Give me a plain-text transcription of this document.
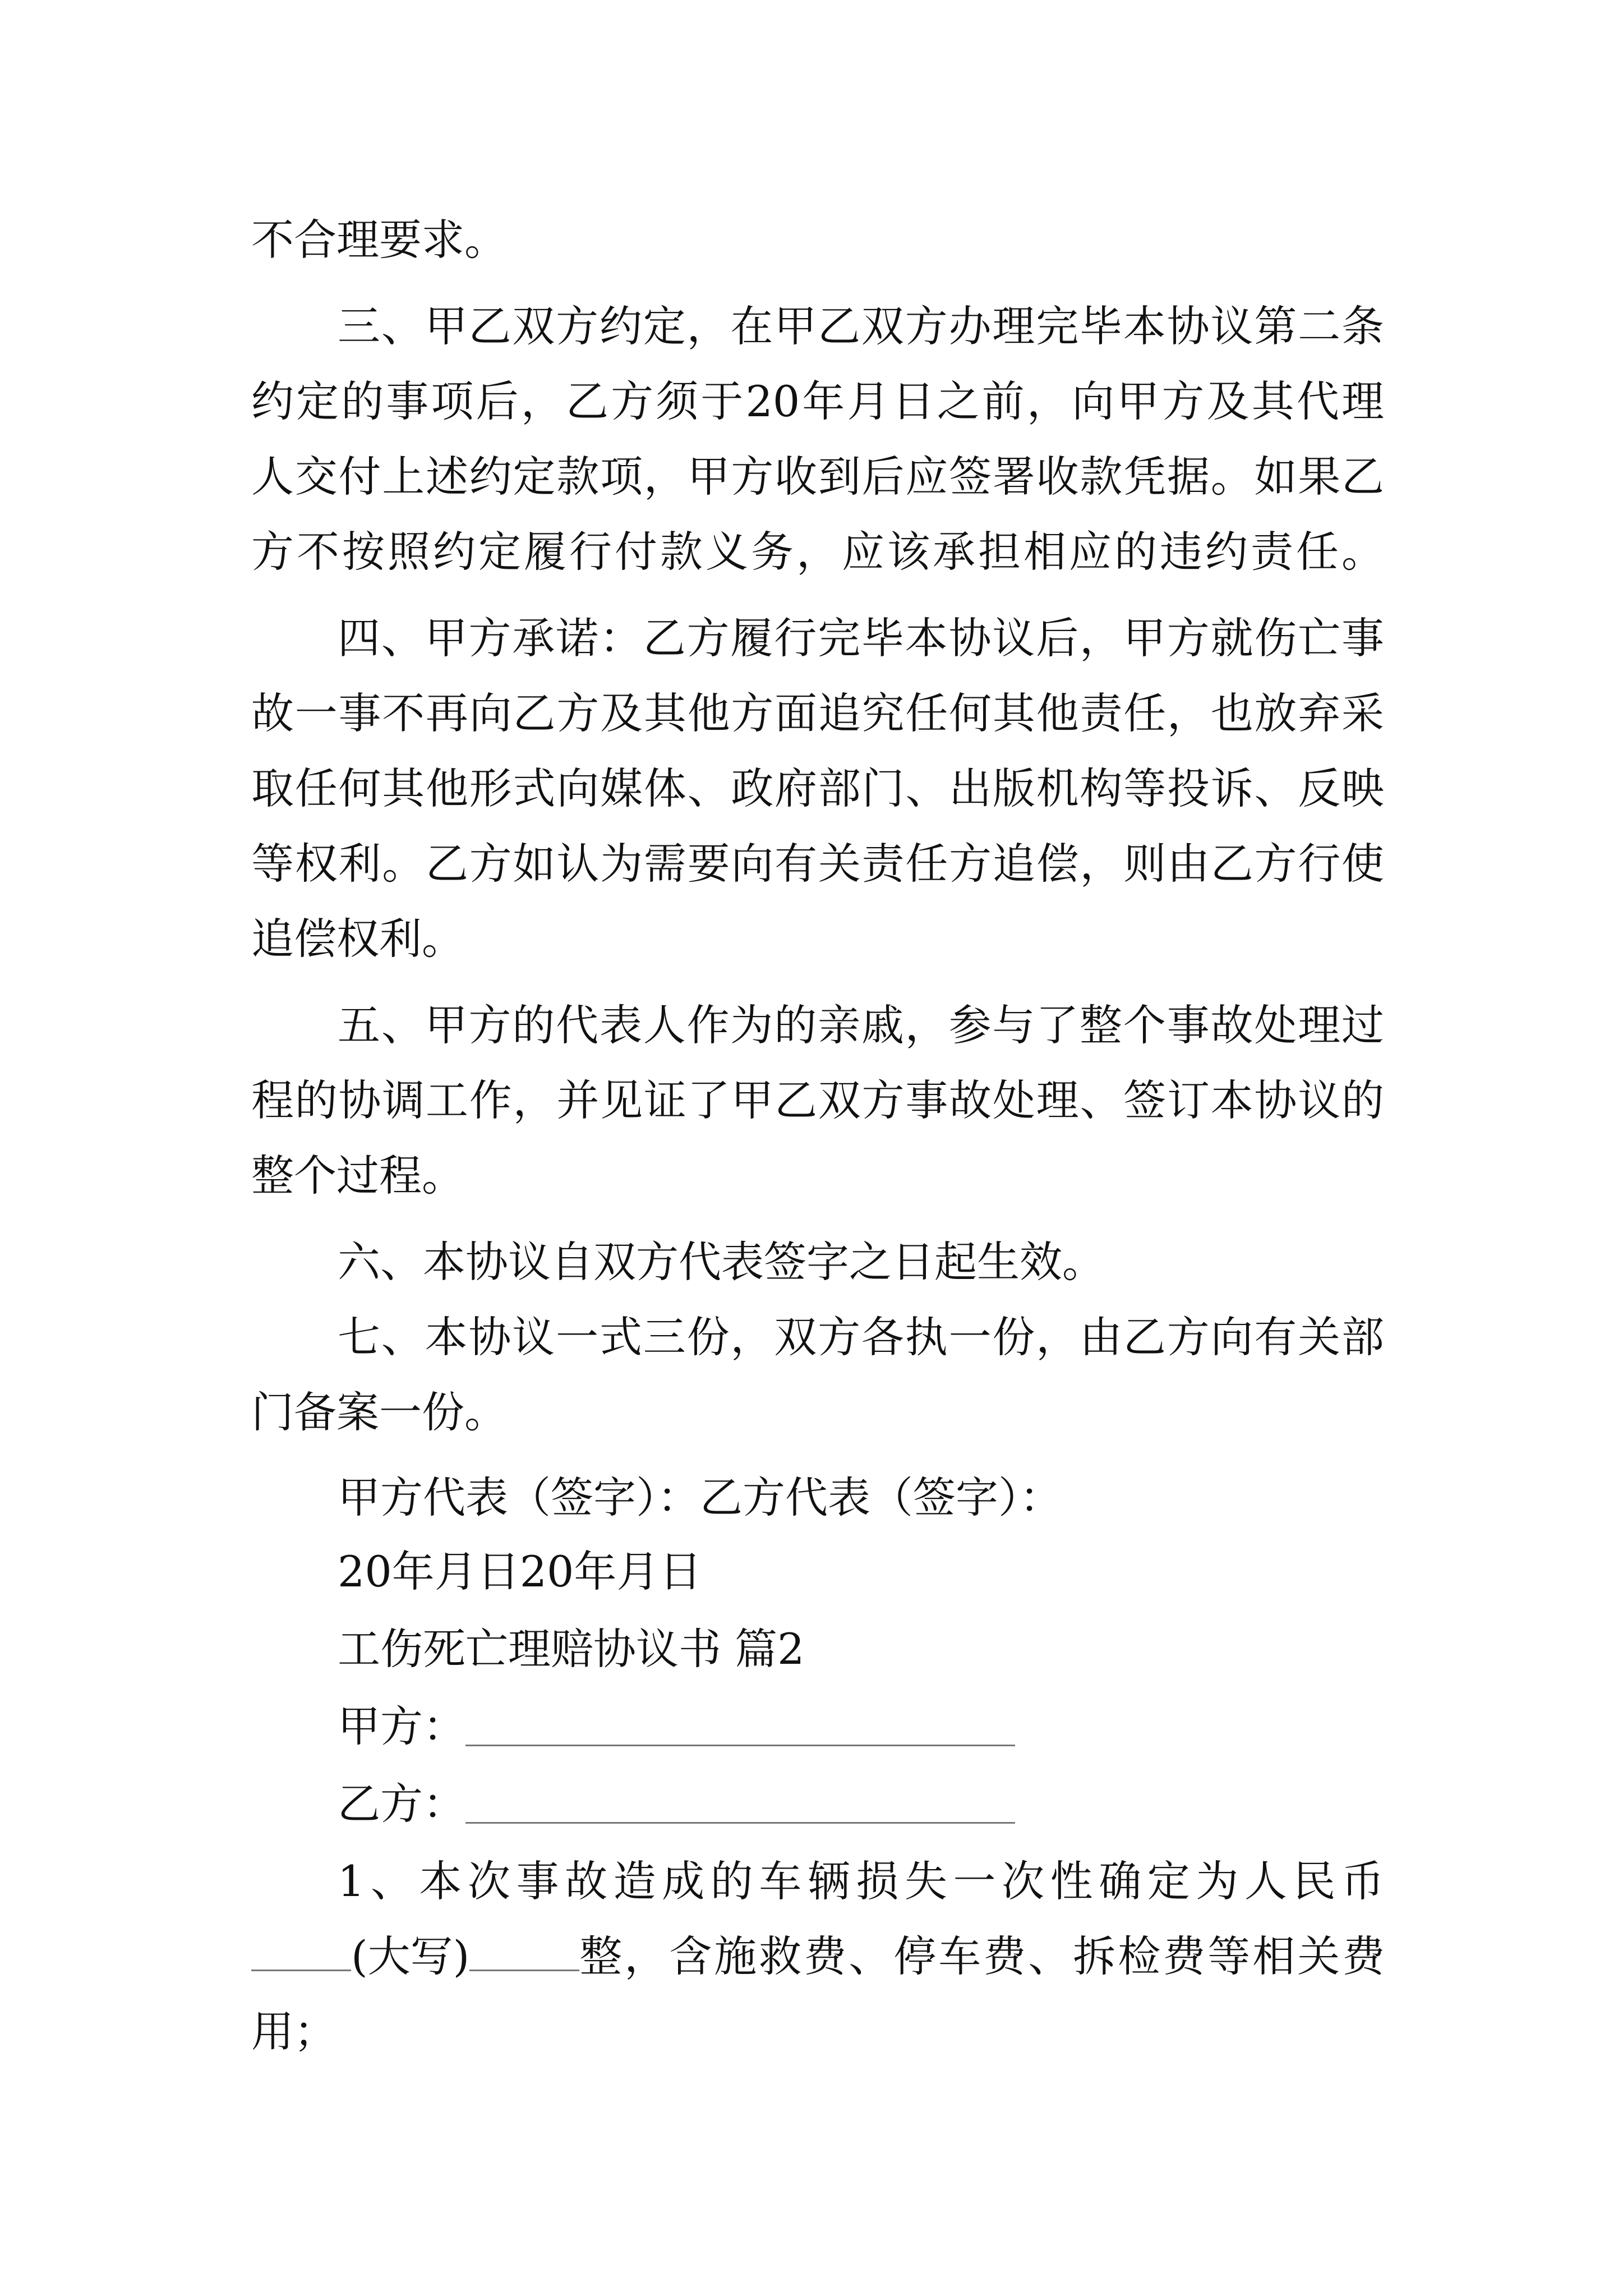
不合理要求。
三、甲乙双方约定，在甲乙双方办理完毕本协议第二条
约定的事项后，乙方须于20年月日之前，向甲方及其代理
人交付上述约定款项，甲方收到后应签署收款凭据。如果乙
方不按照约定履行付款义务，应该承担相应的违约责任。
四、甲方承诺：乙方履行完毕本协议后，甲方就伤亡事
故一事不再向乙方及其他方面追究任何其他责任，也放弃采
取任何其他形式向媒体、政府部门、出版机构等投诉、反映
等权利。乙方如认为需要向有关责任方追偿，则由乙方行使
追偿权利。
五、甲方的代表人作为的亲戚，参与了整个事故处理过
程的协调工作，并见证了甲乙双方事故处理、签订本协议的
整个过程。
六、本协议自双方代表签字之日起生效。
七、本协议一式三份，双方各执一份，由乙方向有关部
门备案一份。
甲方代表（签字）：乙方代表（签字）：
20年月日20年月日
工伤死亡理赔协议书 篇2
甲方：
乙方：
1、本次事故造成的车辆损失一次性确定为人民币
(大写)	整，含施救费、停车费、拆检费等相关费
用；
